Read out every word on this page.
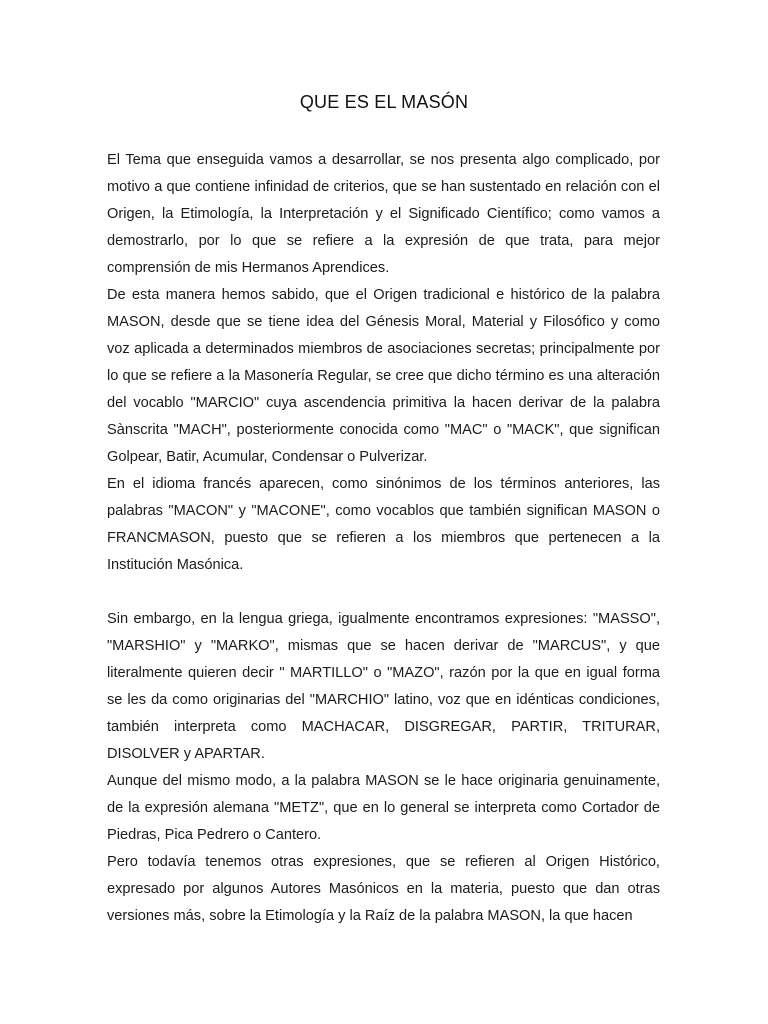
QUE ES EL MASÓN

El Tema que enseguida vamos a desarrollar, se nos presenta algo complicado, por motivo a que contiene infinidad de criterios, que se han sustentado en relación con el Origen, la Etimología, la Interpretación y el Significado Científico; como vamos a demostrarlo, por lo que se refiere a la expresión de que trata, para mejor comprensión de mis Hermanos Aprendices.

De esta manera hemos sabido, que el Origen tradicional e histórico de la palabra MASON, desde que se tiene idea del Génesis Moral, Material y Filosófico y como voz aplicada a determinados miembros de asociaciones secretas; principalmente por lo que se refiere a la Masonería Regular, se cree que dicho término es una alteración del vocablo "MARCIO" cuya ascendencia primitiva la hacen derivar de la palabra Sànscrita "MACH", posteriormente conocida como "MAC" o "MACK", que significan Golpear, Batir, Acumular, Condensar o Pulverizar.

En el idioma francés aparecen, como sinónimos de los términos anteriores, las palabras "MACON" y "MACONE", como vocablos que también significan MASON o FRANCMASON, puesto que se refieren a los miembros que pertenecen a la Institución Masónica.

Sin embargo, en la lengua griega, igualmente encontramos expresiones: "MASSO", "MARSHIO" y "MARKO", mismas que se hacen derivar de "MARCUS", y que literalmente quieren decir " MARTILLO" o "MAZO", razón por la que en igual forma se les da como originarias del "MARCHIO" latino, voz que en idénticas condiciones, también interpreta como MACHACAR, DISGREGAR, PARTIR, TRITURAR, DISOLVER y APARTAR.

Aunque del mismo modo, a la palabra MASON se le hace originaria genuinamente, de la expresión alemana "METZ", que en lo general se interpreta como Cortador de Piedras, Pica Pedrero o Cantero.

Pero todavía tenemos otras expresiones, que se refieren al Origen Histórico, expresado por algunos Autores Masónicos en la materia, puesto que dan otras versiones más, sobre la Etimología y la Raíz de la palabra MASON, la que hacen
